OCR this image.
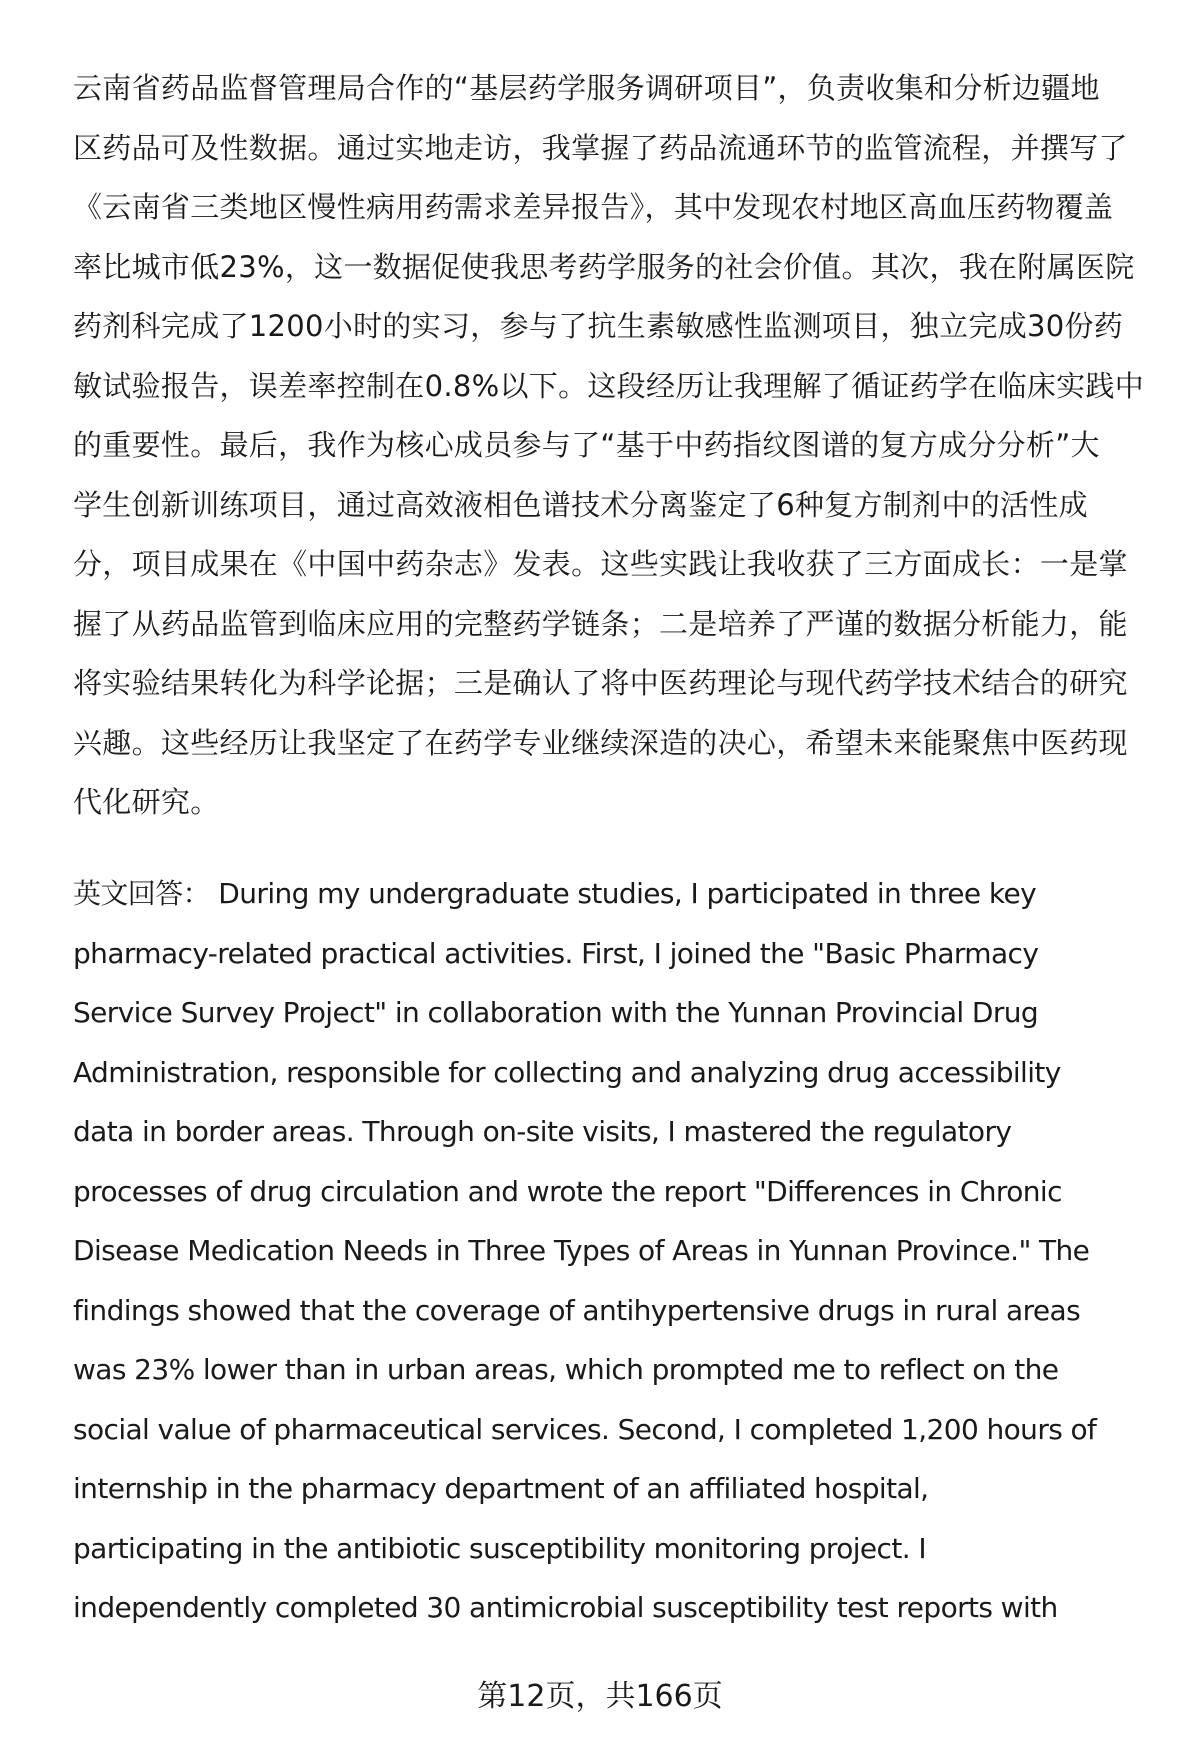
云南省药品监督管理局合作的“基层药学服务调研项目”，负责收集和分析边疆地
区药品可及性数据。通过实地走访，我掌握了药品流通环节的监管流程，并撰写了
《云南省三类地区慢性病用药需求差异报告》，其中发现农村地区高血压药物覆盖
率比城市低23%，这一数据促使我思考药学服务的社会价值。其次，我在附属医院
药剂科完成了1200小时的实习，参与了抗生素敏感性监测项目，独立完成30份药
敏试验报告，误差率控制在0.8%以下。这段经历让我理解了循证药学在临床实践中
的重要性。最后，我作为核心成员参与了“基于中药指纹图谱的复方成分分析”大
学生创新训练项目，通过高效液相色谱技术分离鉴定了6种复方制剂中的活性成
分，项目成果在《中国中药杂志》发表。这些实践让我收获了三方面成长：一是掌
握了从药品监管到临床应用的完整药学链条；二是培养了严谨的数据分析能力，能
将实验结果转化为科学论据；三是确认了将中医药理论与现代药学技术结合的研究
兴趣。这些经历让我坚定了在药学专业继续深造的决心，希望未来能聚焦中医药现
代化研究。
英文回答： During my undergraduate studies, I participated in three key
pharmacy-related practical activities. First, I joined the "Basic Pharmacy
Service Survey Project" in collaboration with the Yunnan Provincial Drug
Administration, responsible for collecting and analyzing drug accessibility
data in border areas. Through on-site visits, I mastered the regulatory
processes of drug circulation and wrote the report "Differences in Chronic
Disease Medication Needs in Three Types of Areas in Yunnan Province." The
findings showed that the coverage of antihypertensive drugs in rural areas
was 23% lower than in urban areas, which prompted me to reflect on the
social value of pharmaceutical services. Second, I completed 1,200 hours of
internship in the pharmacy department of an affiliated hospital,
participating in the antibiotic susceptibility monitoring project. I
independently completed 30 antimicrobial susceptibility test reports with
第12页，共166页
